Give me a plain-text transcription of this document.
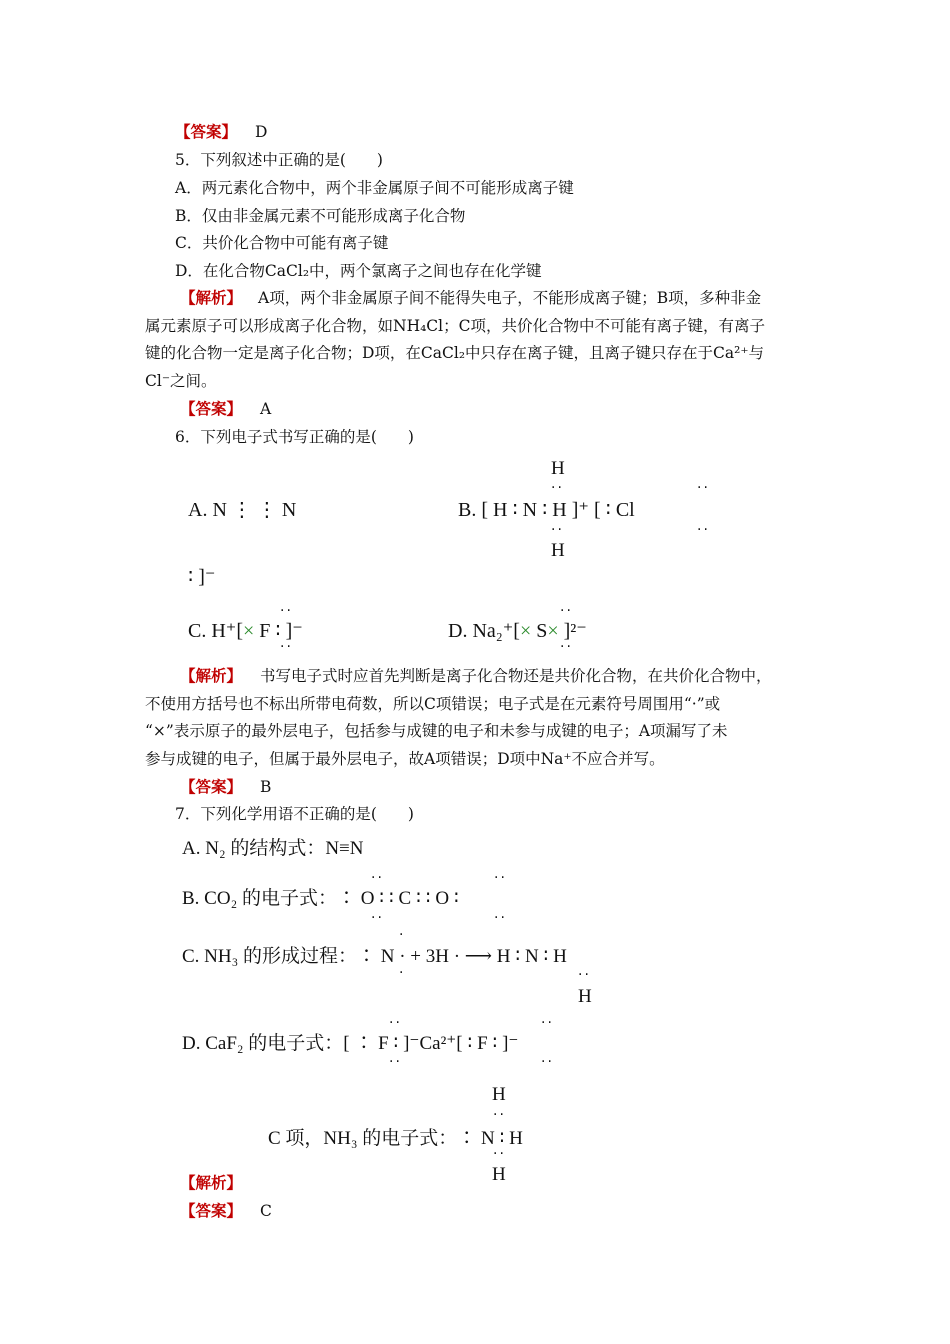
【答案】 D
5．下列叙述中正确的是(　　)
A．两元素化合物中，两个非金属原子间不可能形成离子键
B．仅由非金属元素不可能形成离子化合物
C．共价化合物中可能有离子键
D．在化合物CaCl₂中，两个氯离子之间也存在化学键
【解析】 A项，两个非金属原子间不能得失电子，不能形成离子键；B项，多种非金
属元素原子可以形成离子化合物，如NH₄Cl；C项，共价化合物中不可能有离子键，有离子
键的化合物一定是离子化合物；D项，在CaCl₂中只存在离子键，且离子键只存在于Ca²⁺与
Cl⁻之间。
【答案】 A
6．下列电子式书写正确的是(　　)
A. N ⋮ ⋮ N
H
··
B. [ H ∶ N ∶ H ]⁺ [ ∶ Cl
··
··	··
H
∶ ]⁻
··
C. H⁺[× F ∶ ]⁻
··
··
D. Na₂⁺[× S× ]²⁻
··
【解析】 书写电子式时应首先判断是离子化合物还是共价化合物，在共价化合物中，
不使用方括号也不标出所带电荷数，所以C项错误；电子式是在元素符号周围用“·”或
“×”表示原子的最外层电子，包括参与成键的电子和未参与成键的电子；A项漏写了未
参与成键的电子，但属于最外层电子，故A项错误；D项中Na⁺不应合并写。
【答案】 B
7．下列化学用语不正确的是(　　)
A. N₂ 的结构式：N≡N
··	··
B. CO₂ 的电子式：∶ O ∶ ∶ C ∶ ∶ O ∶
··	··
·
C. NH₃ 的形成过程：∶ N · + 3H · ⟶ H ∶ N ∶ H
·	··
H
··	··
D. CaF₂ 的电子式：[ ∶ F ∶ ]⁻Ca²⁺[ ∶ F ∶ ]⁻
··	··
H
··
C 项，NH₃ 的电子式：∶ N ∶ H
··
H
【解析】
【答案】 C
